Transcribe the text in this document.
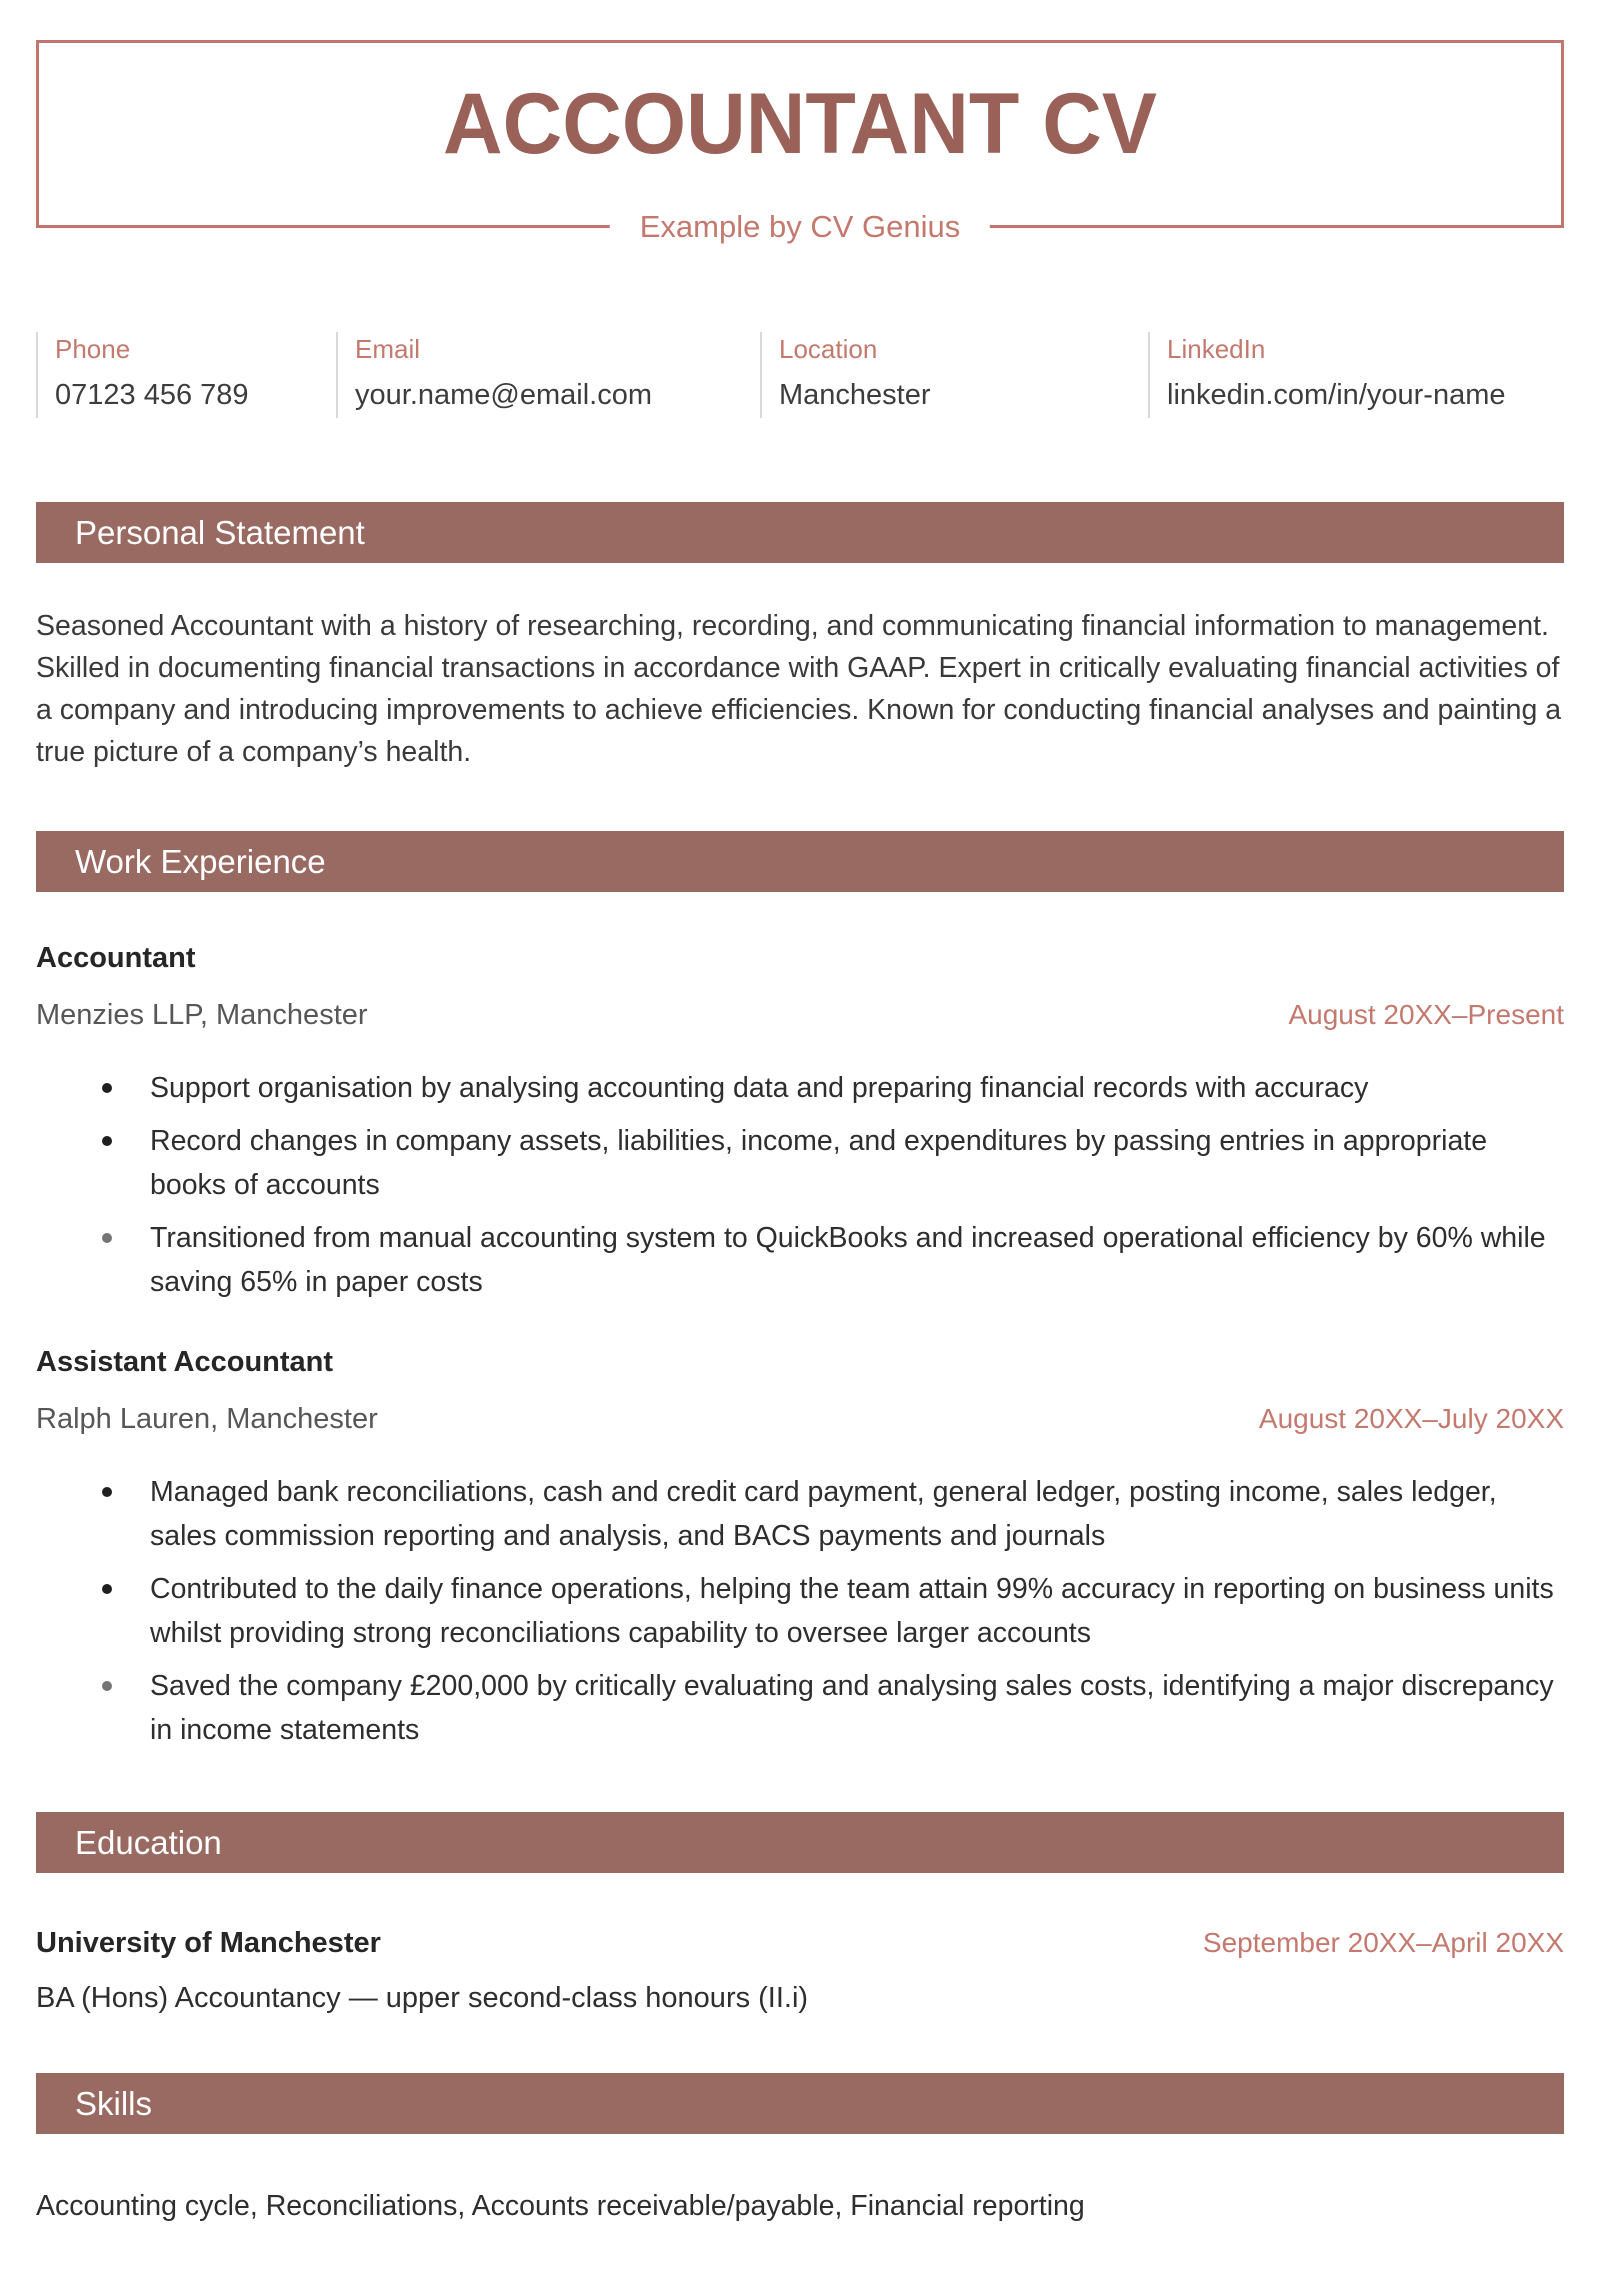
ACCOUNTANT CV
Example by CV Genius
Phone
07123 456 789
Email
your.name@email.com
Location
Manchester
LinkedIn
linkedin.com/in/your-name
Personal Statement

Seasoned Accountant with a history of researching, recording, and communicating financial information to management. Skilled in documenting financial transactions in accordance with GAAP. Expert in critically evaluating financial activities of a company and introducing improvements to achieve efficiencies. Known for conducting financial analyses and painting a true picture of a company’s health.

Work Experience
Accountant
Menzies LLP, Manchester	August 20XX–Present
Support organisation by analysing accounting data and preparing financial records with accuracy
Record changes in company assets, liabilities, income, and expenditures by passing entries in appropriate books of accounts
Transitioned from manual accounting system to QuickBooks and increased operational efficiency by 60% while saving 65% in paper costs
Assistant Accountant
Ralph Lauren, Manchester	August 20XX–July 20XX
Managed bank reconciliations, cash and credit card payment, general ledger, posting income, sales ledger, sales commission reporting and analysis, and BACS payments and journals
Contributed to the daily finance operations, helping the team attain 99% accuracy in reporting on business units whilst providing strong reconciliations capability to oversee larger accounts
Saved the company £200,000 by critically evaluating and analysing sales costs, identifying a major discrepancy in income statements
Education
University of Manchester	September 20XX–April 20XX
BA (Hons) Accountancy — upper second-class honours (II.i)
Skills

Accounting cycle, Reconciliations, Accounts receivable/payable, Financial reporting
